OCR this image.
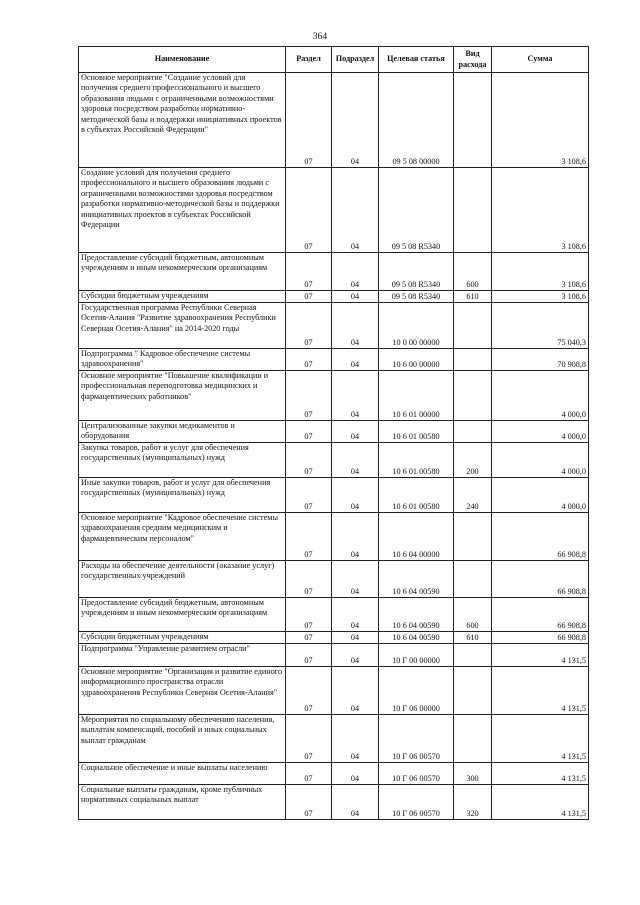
364
Наименование	Раздел	Подраздел	Целевая статья	Вид расхода	Сумма
Основное мероприятие "Создание условий для получения среднего профессионального и высшего образования людьми с ограниченными возможностями здоровья посредством разработки нормативно-методической базы и поддержки инициативных проектов в субъектах Российской Федерации"	07	04	09 5 08 00000		3 108,6
Создание условий для получения среднего профессионального и высшего образования людьми с ограниченными возможностями здоровья посредством разработки нормативно-методической базы и поддержки инициативных проектов в субъектах Российской Федерации	07	04	09 5 08 R5340		3 108,6
Предоставление субсидий бюджетным, автономным учреждениям и иным некоммерческим организациям	07	04	09 5 08 R5340	600	3 108,6
Субсидии бюджетным учреждениям	07	04	09 5 08 R5340	610	3 108,6
Государственная программа Республики Северная Осетия-Алания "Развитие здравоохранения Республики Северная Осетия-Алания" на 2014-2020 годы	07	04	10 0 00 00000		75 040,3
Подпрограмма " Кадровое обеспечение системы здравоохранения"	07	04	10 6 00 00000		70 908,8
Основное мероприятие "Повышение квалификации и профессиональная переподготовка медицинских и фармацевтических работников"	07	04	10 6 01 00000		4 000,0
Централизованные закупки медикаментов и оборудования	07	04	10 6 01 00580		4 000,0
Закупка товаров, работ и услуг для обеспечения государственных (муниципальных) нужд	07	04	10 6 01 00580	200	4 000,0
Иные закупки товаров, работ и услуг для обеспечения государственных (муниципальных) нужд	07	04	10 6 01 00580	240	4 000,0
Основное мероприятие "Кадровое обеспечение системы здравоохранения средним медицинским и фармацевтическим персоналом"	07	04	10 6 04 00000		66 908,8
Расходы на обеспечение деятельности (оказание услуг) государственных учреждений	07	04	10 6 04 00590		66 908,8
Предоставление субсидий бюджетным, автономным учреждениям и иным некоммерческим организациям	07	04	10 6 04 00590	600	66 908,8
Субсидии бюджетным учреждениям	07	04	10 6 04 00590	610	66 908,8
Подпрограмма "Управление развитием отрасли"	07	04	10 Г 00 00000		4 131,5
Основное мероприятие "Организация и развитие единого информационного пространства отрасли здравоохранения Республики Северная Осетия-Алания"	07	04	10 Г 06 00000		4 131,5
Мероприятия по социальному обеспечению населения, выплатам компенсаций, пособий и иных социальных выплат гражданам	07	04	10 Г 06 00570		4 131,5
Социальное обеспечение и иные выплаты населению	07	04	10 Г 06 00570	300	4 131,5
Социальные выплаты гражданам, кроме публичных нормативных социальных выплат	07	04	10 Г 06 00570	320	4 131,5
